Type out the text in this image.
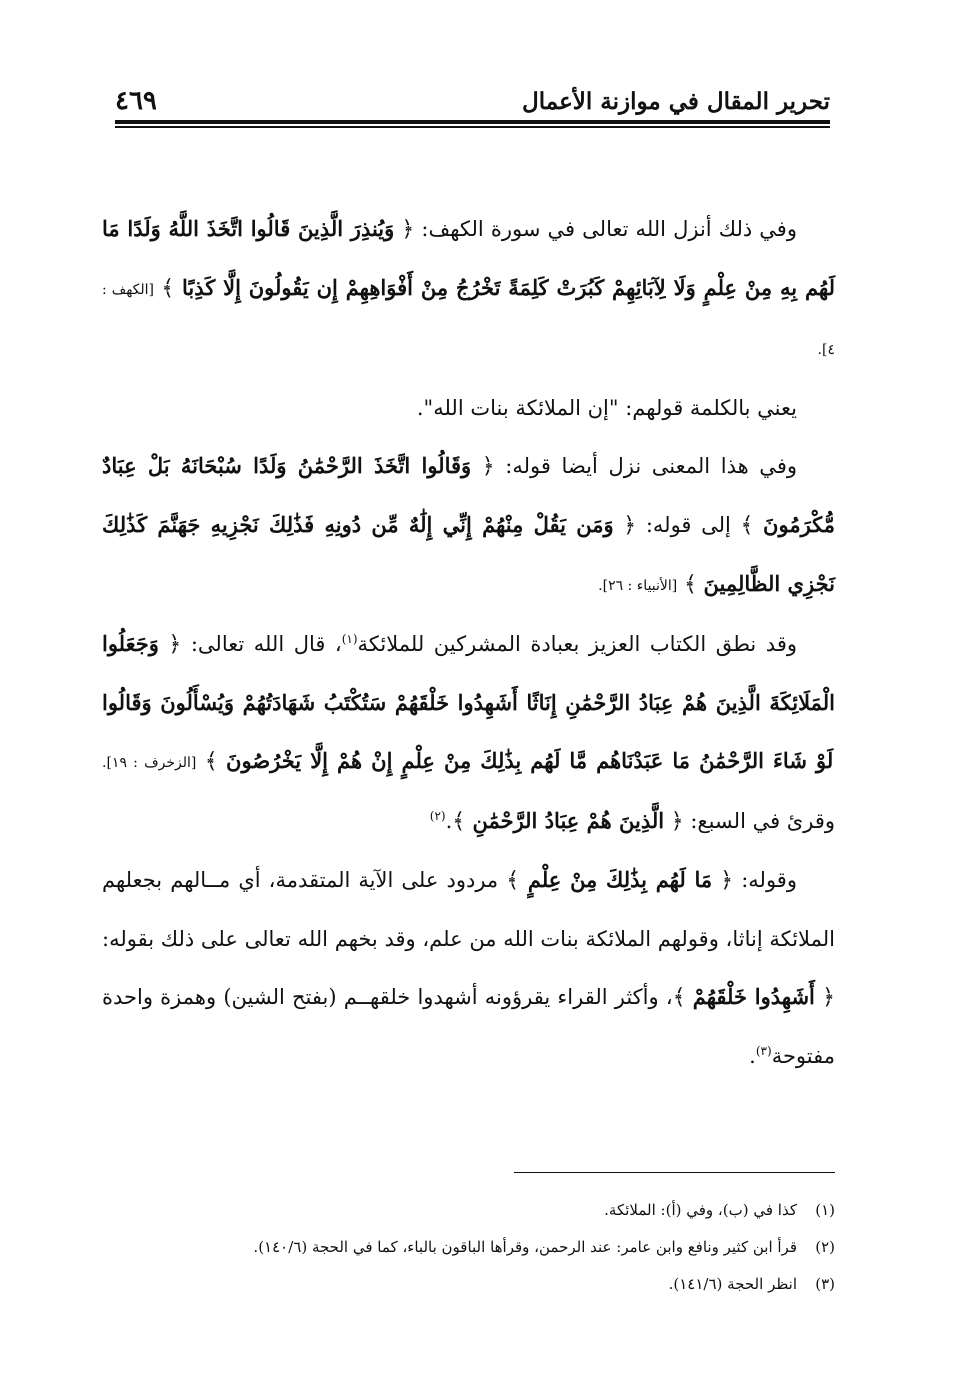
تحرير المقال في موازنة الأعمال
٤٦٩

وفي ذلك أنزل الله تعالى في سورة الكهف: ﴿ وَيُنذِرَ الَّذِينَ قَالُوا اتَّخَذَ اللَّهُ وَلَدًا مَا لَهُم بِهِ مِنْ عِلْمٍ وَلَا لِآبَائِهِمْ كَبُرَتْ كَلِمَةً تَخْرُجُ مِنْ أَفْوَاهِهِمْ إِن يَقُولُونَ إِلَّا كَذِبًا ﴾ [الكهف : ٤].

يعني بالكلمة قولهم: "إن الملائكة بنات الله".

وفي هذا المعنى نزل أيضا قوله: ﴿ وَقَالُوا اتَّخَذَ الرَّحْمَٰنُ وَلَدًا سُبْحَانَهُ بَلْ عِبَادٌ مُّكْرَمُونَ ﴾ إلى قوله: ﴿ وَمَن يَقُلْ مِنْهُمْ إِنِّي إِلَٰهٌ مِّن دُونِهِ فَذَٰلِكَ نَجْزِيهِ جَهَنَّمَ كَذَٰلِكَ نَجْزِي الظَّالِمِينَ ﴾ [الأنبياء : ٢٦].

وقد نطق الكتاب العزيز بعبادة المشركين للملائكة$^{(١)}$، قال الله تعالى: ﴿ وَجَعَلُوا الْمَلَائِكَةَ الَّذِينَ هُمْ عِبَادُ الرَّحْمَٰنِ إِنَاثًا أَشَهِدُوا خَلْقَهُمْ سَتُكْتَبُ شَهَادَتُهُمْ وَيُسْأَلُونَ وَقَالُوا لَوْ شَاءَ الرَّحْمَٰنُ مَا عَبَدْنَاهُم مَّا لَهُم بِذَٰلِكَ مِنْ عِلْمٍ إِنْ هُمْ إِلَّا يَخْرُصُونَ ﴾ [الزخرف : ١٩]. وقرئ في السبع: ﴿ الَّذِينَ هُمْ عِبَادُ الرَّحْمَٰنِ ﴾.$^{(٢)}$

وقوله: ﴿ مَا لَهُم بِذَٰلِكَ مِنْ عِلْمٍ ﴾ مردود على الآية المتقدمة، أي مــالهم بجعلهم الملائكة إناثا، وقولهم الملائكة بنات الله من علم، وقد بخهم الله تعالى على ذلك بقوله: ﴿ أَشَهِدُوا خَلْقَهُمْ ﴾، وأكثر القراء يقرؤونه أشهدوا خلقهــم (بفتح الشين) وهمزة واحدة مفتوحة$^{(٣)}$.

(١)كذا في (ب)، وفي (أ): الملائكة.

(٢)قرأ ابن كثير ونافع وابن عامر: عند الرحمن، وقرأها الباقون بالباء، كما في الحجة (١٤٠/٦).

(٣)انظر الحجة (١٤١/٦).
